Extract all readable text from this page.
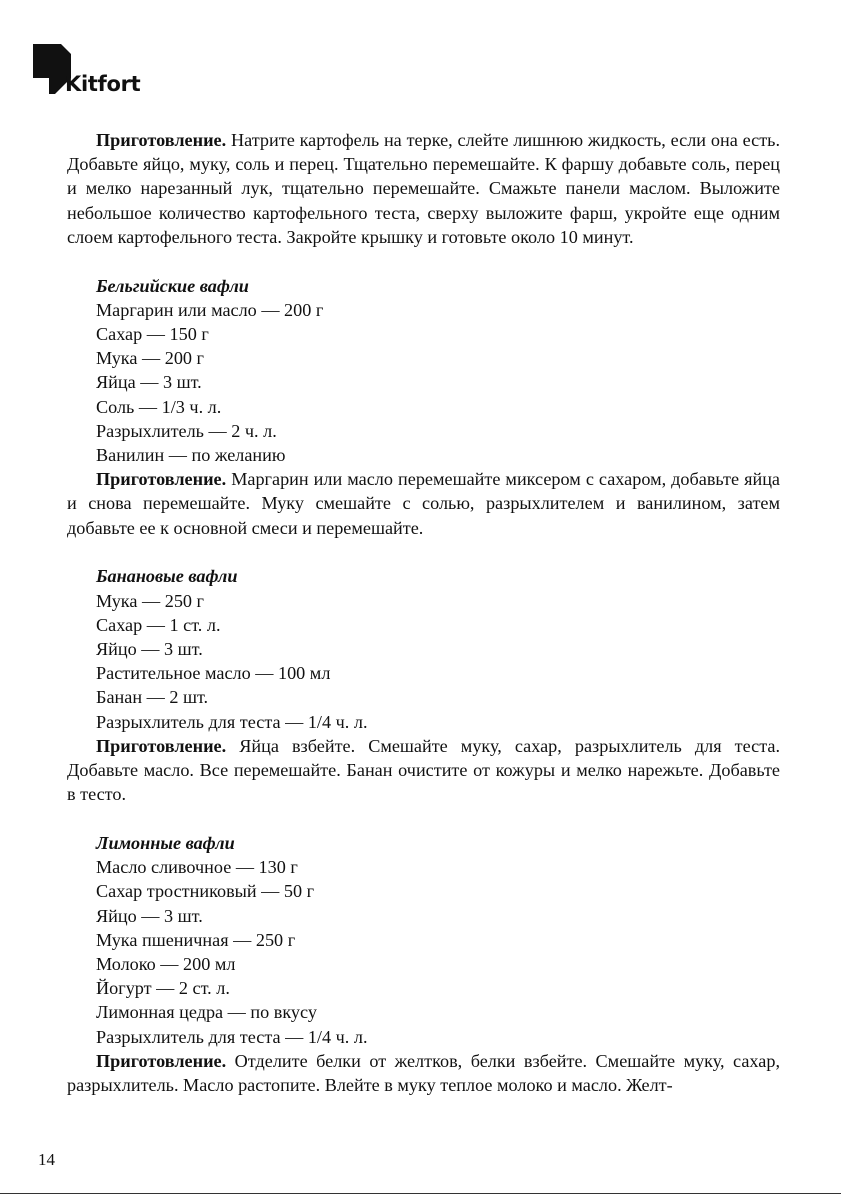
Kitfort

Приготовление. Натрите картофель на терке, слейте лишнюю жидкость, если она есть. Добавьте яйцо, муку, соль и перец. Тщательно перемешайте. К фаршу добавьте соль, перец и мелко нарезанный лук, тщательно перемешайте. Смажьте панели маслом. Выложите небольшое количество картофельного теста, сверху выложите фарш, укройте еще одним слоем картофельного теста. Закройте крышку и готовьте около 10 минут.

Бельгийские вафли
Маргарин или масло — 200 г
Сахар — 150 г
Мука — 200 г
Яйца — 3 шт.
Соль — 1/3 ч. л.
Разрыхлитель — 2 ч. л.
Ванилин — по желанию

Приготовление. Маргарин или масло перемешайте миксером с сахаром, добавьте яйца и снова перемешайте. Муку смешайте с солью, разрыхлителем и ванилином, затем добавьте ее к основной смеси и перемешайте.

Банановые вафли
Мука — 250 г
Сахар — 1 ст. л.
Яйцо — 3 шт.
Растительное масло — 100 мл
Банан — 2 шт.
Разрыхлитель для теста — 1/4 ч. л.

Приготовление. Яйца взбейте. Смешайте муку, сахар, разрыхлитель для теста. Добавьте масло. Все перемешайте. Банан очистите от кожуры и мелко нарежьте. Добавьте в тесто.

Лимонные вафли
Масло сливочное — 130 г
Сахар тростниковый — 50 г
Яйцо — 3 шт.
Мука пшеничная — 250 г
Молоко — 200 мл
Йогурт — 2 ст. л.
Лимонная цедра — по вкусу
Разрыхлитель для теста — 1/4 ч. л.

Приготовление. Отделите белки от желтков, белки взбейте. Смешайте муку, сахар, разрыхлитель. Масло растопите. Влейте в муку теплое молоко и масло. Желт-

14
